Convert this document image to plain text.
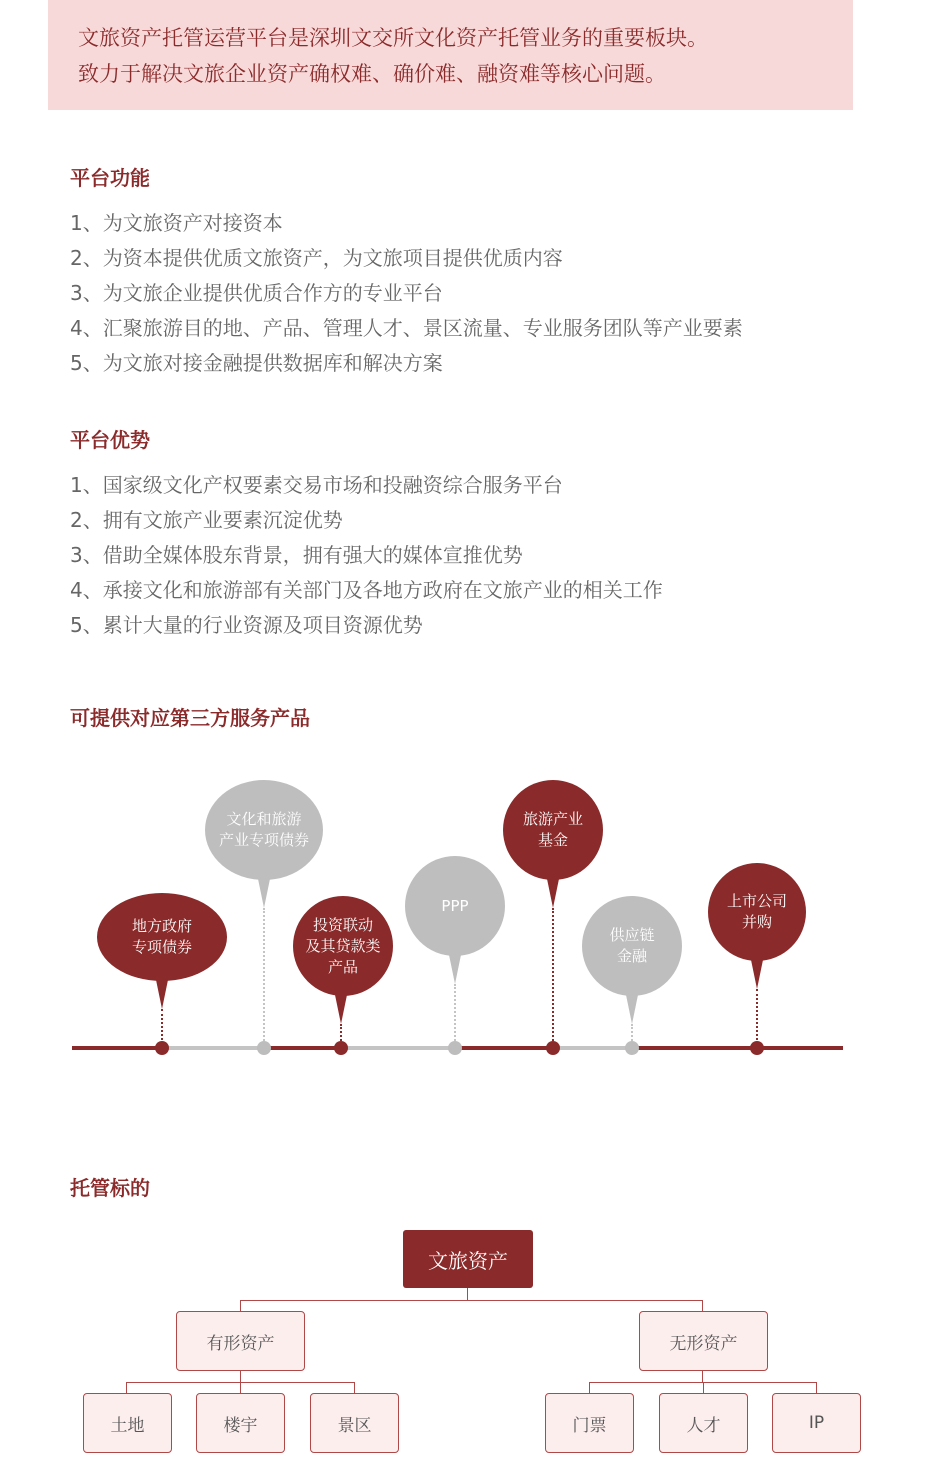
文旅资产托管运营平台是深圳文交所文化资产托管业务的重要板块。
致力于解决文旅企业资产确权难、确价难、融资难等核心问题。
平台功能
1、为文旅资产对接资本
2、为资本提供优质文旅资产，为文旅项目提供优质内容
3、为文旅企业提供优质合作方的专业平台
4、汇聚旅游目的地、产品、管理人才、景区流量、专业服务团队等产业要素
5、为文旅对接金融提供数据库和解决方案
平台优势
1、国家级文化产权要素交易市场和投融资综合服务平台
2、拥有文旅产业要素沉淀优势
3、借助全媒体股东背景，拥有强大的媒体宣推优势
4、承接文化和旅游部有关部门及各地方政府在文旅产业的相关工作
5、累计大量的行业资源及项目资源优势
可提供对应第三方服务产品
地方政府
专项债券
文化和旅游
产业专项债券
投资联动
及其贷款类
产品
PPP
旅游产业
基金
供应链
金融
上市公司
并购
托管标的
文旅资产
有形资产	无形资产
土地	楼宇	景区	门票	人才	IP
